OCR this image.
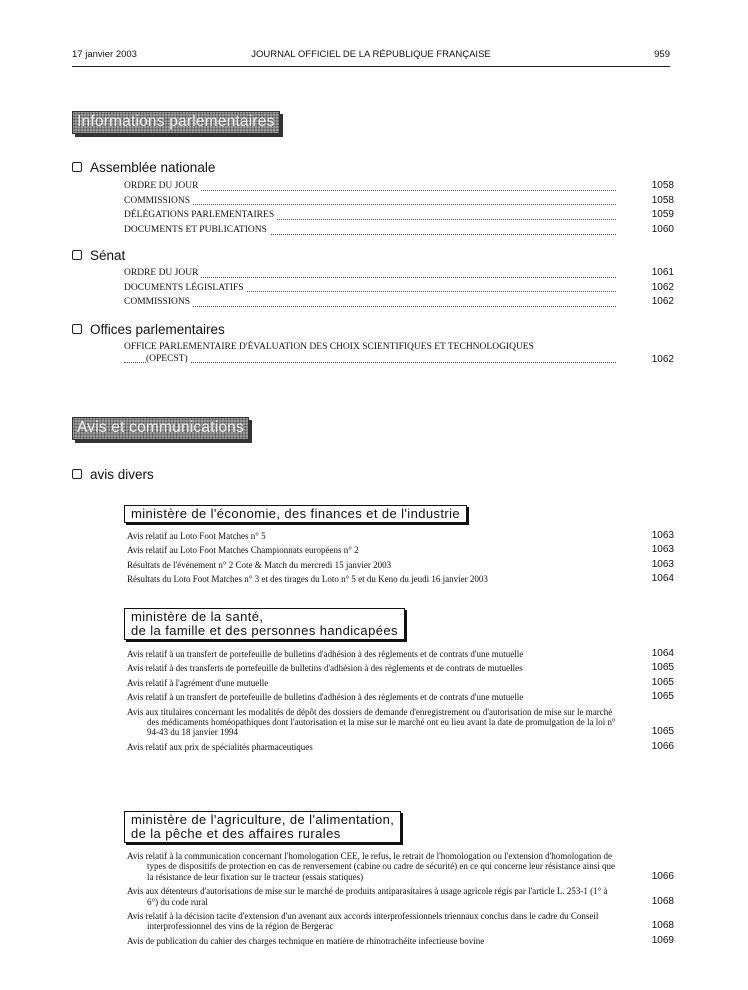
17 janvier 2003	JOURNAL OFFICIEL DE LA RÉPUBLIQUE FRANÇAISE	959
Informations parlementaires
Assemblée nationale
ORDRE DU JOUR	1058
COMMISSIONS	1058
DÉLÉGATIONS PARLEMENTAIRES	1059
DOCUMENTS ET PUBLICATIONS	1060
Sénat
ORDRE DU JOUR	1061
DOCUMENTS LÉGISLATIFS	1062
COMMISSIONS	1062
Offices parlementaires
OFFICE PARLEMENTAIRE D'ÉVALUATION DES CHOIX SCIENTIFIQUES ET TECHNOLOGIQUES
(OPECST)	1062
Avis et communications
avis divers
ministère de l'économie, des finances et de l'industrie
Avis relatif au Loto Foot Matches n° 5	1063
Avis relatif au Loto Foot Matches Championnats européens n° 2	1063
Résultats de l'événement n° 2 Cote & Match du mercredi 15 janvier 2003	1063
Résultats du Loto Foot Matches n° 3 et des tirages du Loto n° 5 et du Keno du jeudi 16 janvier 2003	1064
ministère de la santé,
de la famille et des personnes handicapées
Avis relatif à un transfert de portefeuille de bulletins d'adhésion à des règlements et de contrats d'une mutuelle	1064
Avis relatif à des transferts de portefeuille de bulletins d'adhésion à des règlements et de contrats de mutuelles	1065
Avis relatif à l'agrément d'une mutuelle	1065
Avis relatif à un transfert de portefeuille de bulletins d'adhésion à des règlements et de contrats d'une mutuelle	1065
Avis aux titulaires concernant les modalités de dépôt des dossiers de demande d'enregistrement ou d'autorisation de mise sur le marché des médicaments homéopathiques dont l'autorisation et la mise sur le marché ont eu lieu avant la date de promulgation de la loi n° 94-43 du 18 janvier 1994	1065
Avis relatif aux prix de spécialités pharmaceutiques	1066
ministère de l'agriculture, de l'alimentation,
de la pêche et des affaires rurales
Avis relatif à la communication concernant l'homologation CEE, le refus, le retrait de l'homologation ou l'extension d'homologation de types de dispositifs de protection en cas de renversement (cabine ou cadre de sécurité) en ce qui concerne leur résistance ainsi que la résistance de leur fixation sur le tracteur (essais statiques)	1066
Avis aux détenteurs d'autorisations de mise sur le marché de produits antiparasitaires à usage agricole régis par l'article L. 253-1 (1° à 6°) du code rural	1068
Avis relatif à la décision tacite d'extension d'un avenant aux accords interprofessionnels triennaux conclus dans le cadre du Conseil interprofessionnel des vins de la région de Bergerac	1068
Avis de publication du cahier des charges technique en matière de rhinotrachéite infectieuse bovine	1069
